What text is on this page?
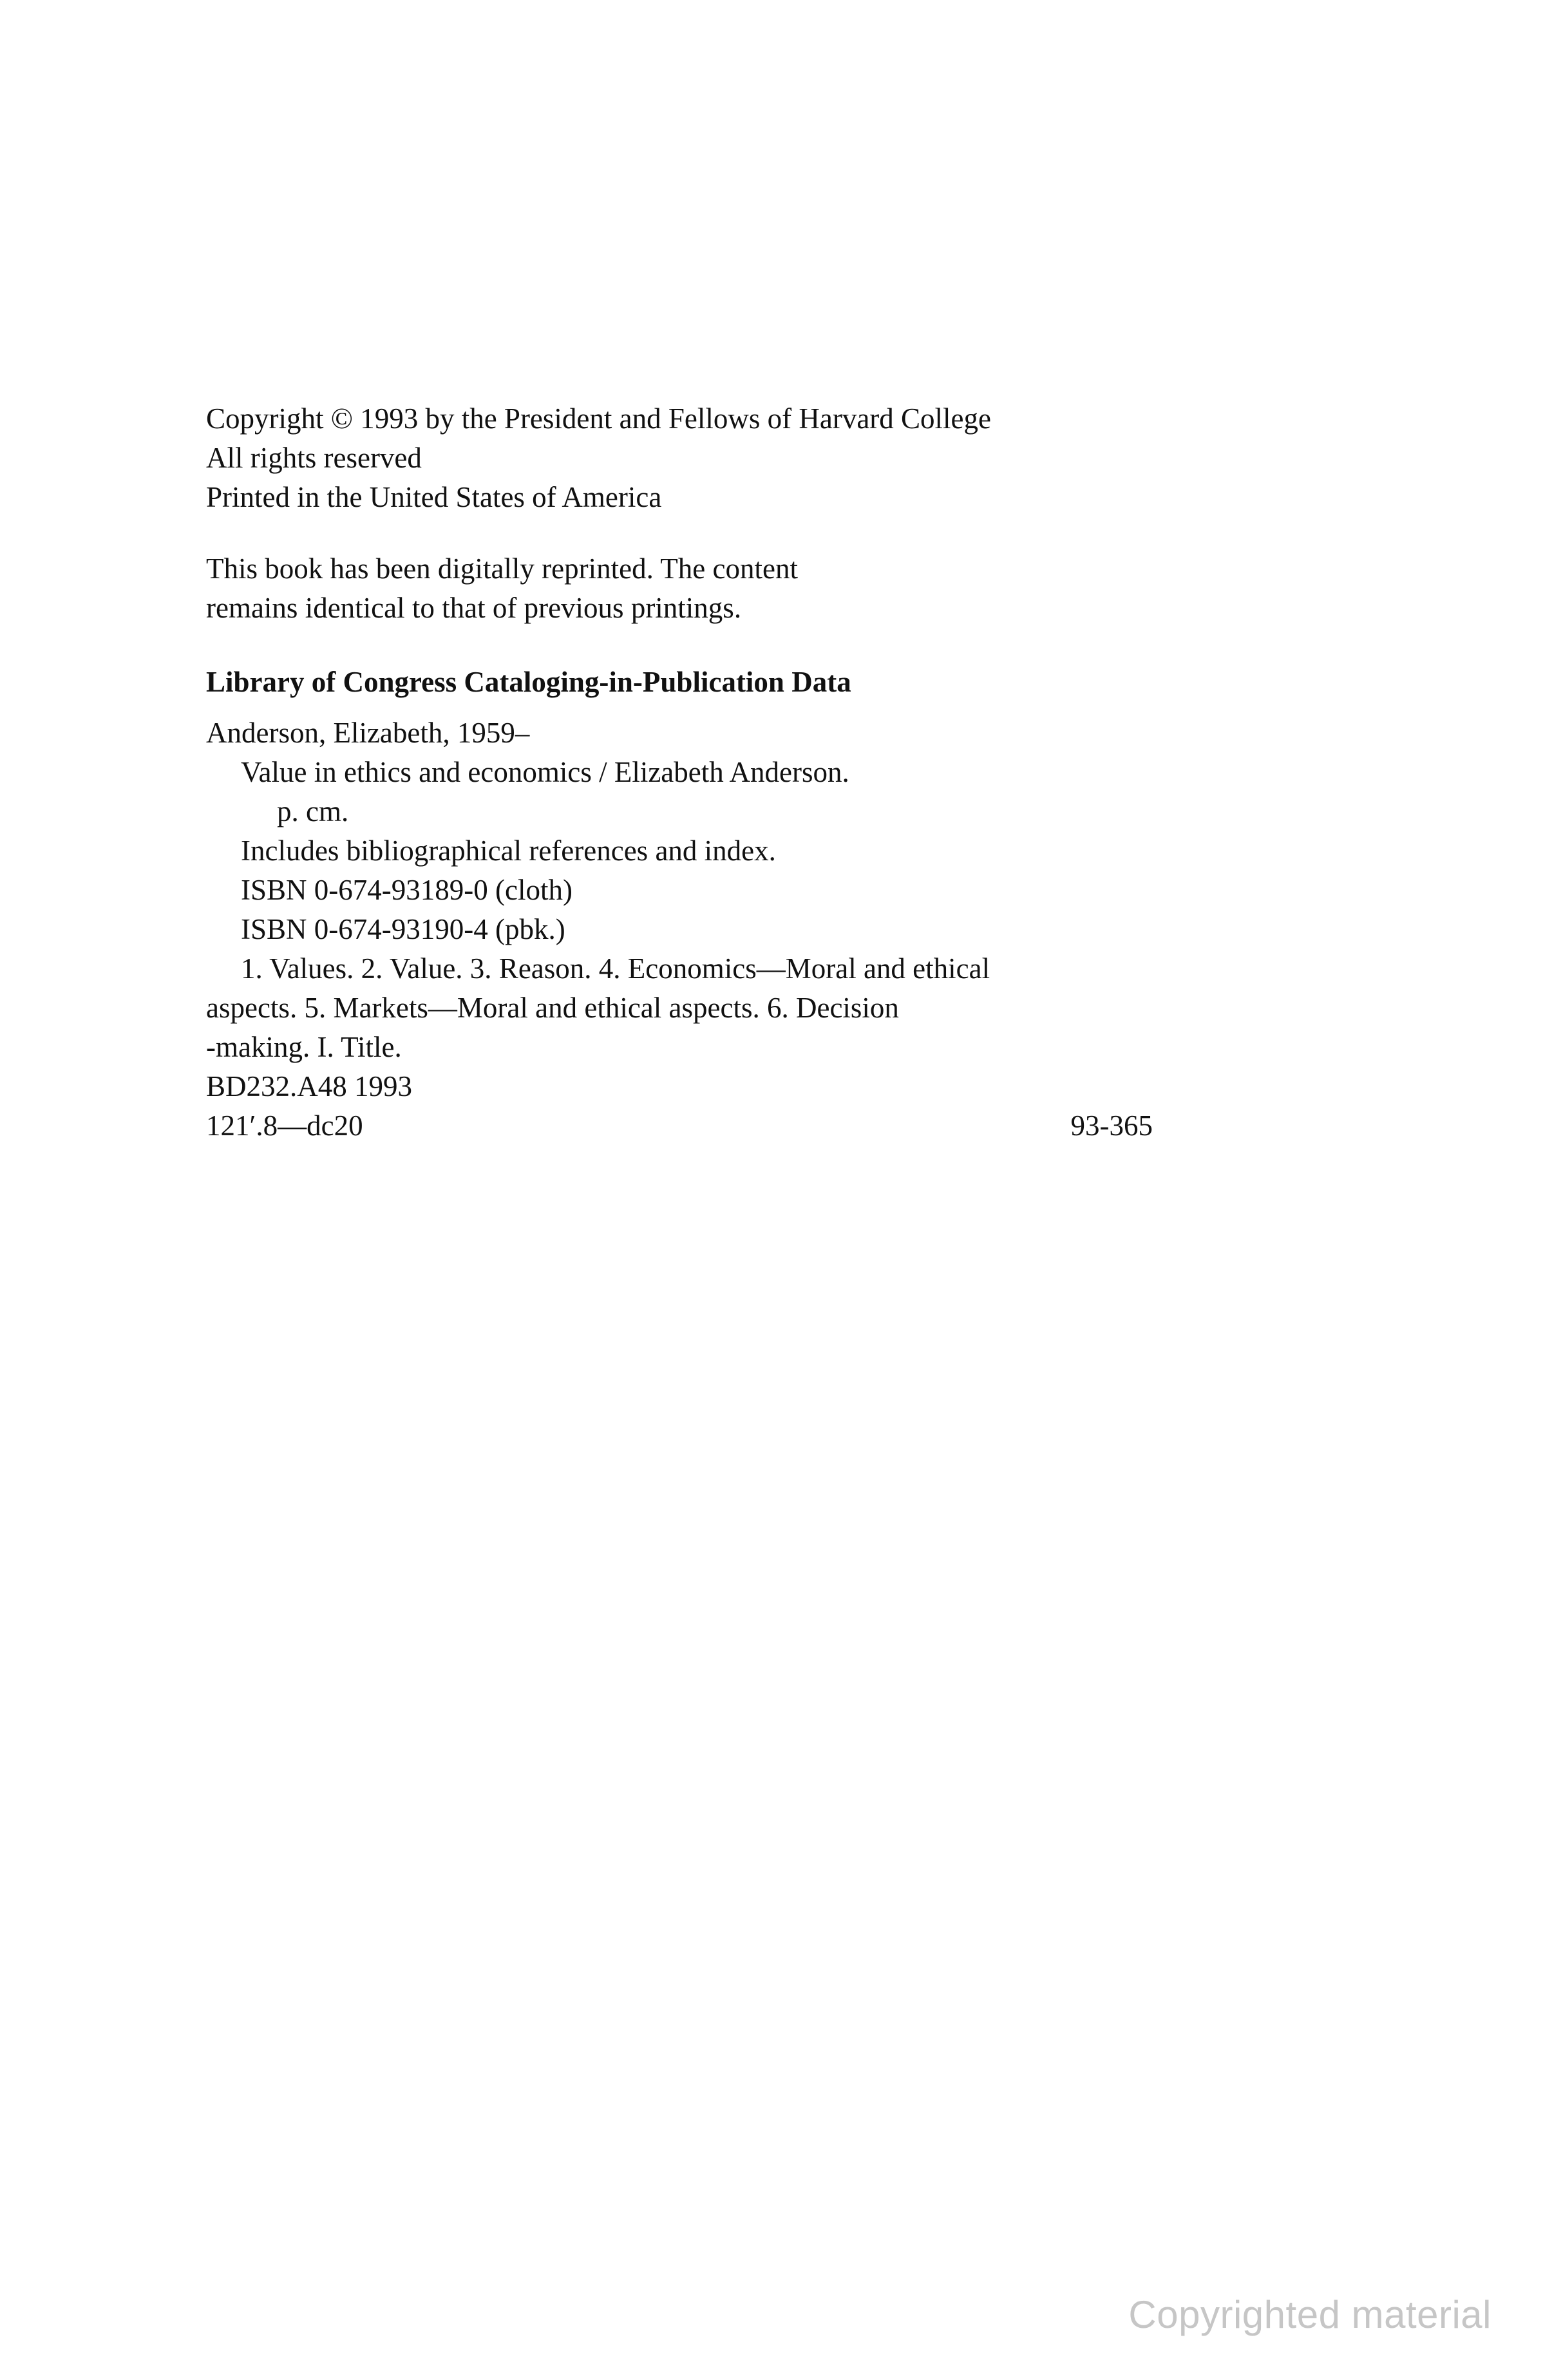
Copyright © 1993 by the President and Fellows of Harvard College
All rights reserved
Printed in the United States of America
This book has been digitally reprinted. The content
remains identical to that of previous printings.
Library of Congress Cataloging-in-Publication Data
Anderson, Elizabeth, 1959–
Value in ethics and economics / Elizabeth Anderson.
p. cm.
Includes bibliographical references and index.
ISBN 0-674-93189-0 (cloth)
ISBN 0-674-93190-4 (pbk.)
1. Values. 2. Value. 3. Reason. 4. Economics—Moral and ethical
aspects. 5. Markets—Moral and ethical aspects. 6. Decision
-making. I. Title.
BD232.A48 1993
121′.8—dc20	93-365
Copyrighted material
